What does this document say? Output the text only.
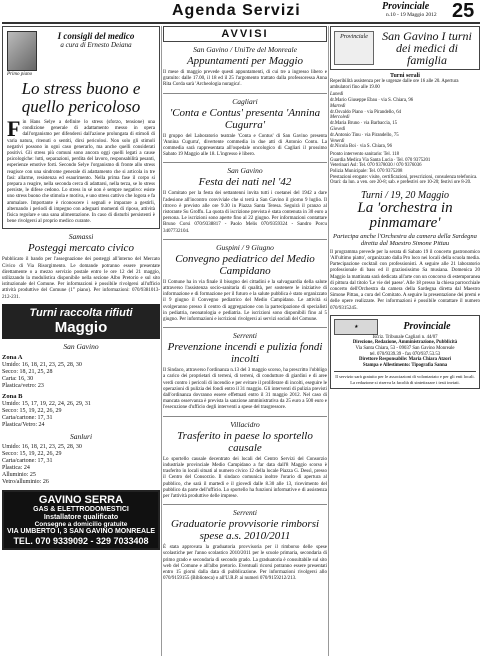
Agenda Servizi	Provinciale
n.10 - 19 Maggio 2012 25
I consigli del medico
a cura di Ernesto Deiana
Primo piano
Lo stress buono e quello pericoloso
F in Hans Selye a definire lo stress (sforzo, tensione) una condizione generale di adattamento messo in opera dall'organismo per difendersi dall'azione prolungata di stimoli di varia natura, ritenuti o sentiti, dirsi pericolosi. Non solo gli stimoli negativi possono in ogni caso generarlo, ma anche quelli considerati positivi. Gli stress più comuni sono ancora oggi quelli legati a cause psicologiche: lutti, separazioni, perdita del lavoro, responsabilità pesanti, esperienze emotive forti. Secondo Selye l'organismo di fronte allo stress reagisce con una sindrome generale di adattamento che si articola in tre fasi: allarme, resistenza ed esaurimento. Nella prima fase il corpo si prepara a reagire, nella seconda cerca di adattarsi, nella terza, se lo stress persiste, le difese cedono. Lo stress in sé non è sempre negativo: esiste uno stress buono che stimola e motiva, e uno stress cattivo che logora e fa ammalare. Importante è riconoscere i segnali e imparare a gestirli, alternando i periodi di impegno con adeguati momenti di riposo, attività fisica regolare e una sana alimentazione. In caso di disturbi persistenti è bene rivolgersi al proprio medico curante.
Samassi
Posteggi mercato civico
Pubblicato il bando per l'assegnazione dei posteggi all'interno del Mercato Civico di Via Risorgimento. Le domande potranno essere presentate direttamente o a mezzo servizio postale entro le ore 12 del 21 maggio, utilizzando la modulistica disponibile nella sezione Albo Pretorio e sul sito istituzionale del Comune. Per informazioni è possibile rivolgersi all'ufficio attività produttive del Comune (1° piano). Per informazioni: 070/9381013-212-231.
Turni raccolta rifiuti
Maggio
San Gavino
Zona A
Umido: 16, 18, 21, 23, 25, 28, 30
Secco: 18, 21, 25, 28
Carta: 16, 30
Plastica/vetro: 23
Zona B
Umido: 15, 17, 19, 22, 24, 26, 29, 31
Secco: 15, 19, 22, 26, 29
Carta/cartone: 17, 31
Plastica/Vetro: 24
Sanluri
Umido: 16, 18, 21, 23, 25, 28, 30
Secco: 15, 19, 22, 26, 29
Carta/cartone: 17, 31
Plastica: 24
Alluminio: 25
Vetro/alluminio: 26
GAVINO SERRA
GAS & ELETTRODOMESTICI
Installatore qualificato
Consegne a domicilio gratuite
VIA UMBERTO I, 3 SAN GAVINO MONREALE
TEL. 070 9339092 - 329 7033408
AVVISI
San Gavino / UniTre del Monreale
Appuntamenti per Maggio
Il mese di maggio prevede questi appuntamenti, di cui tre a ingresso libero e gratuito: dalle 17.00, il 18 ed il 25 l'argomento trattato dalla professoressa Anna Rita Corda sarà 'Archeologia nuragica'.
Cagliari
'Conta e Contus' presenta 'Annina Cugurra'
Il gruppo del Laboratorio teatrale 'Conta e Contus' di San Gavino presenta 'Annina Cugurra', divertente commedia in due atti di Antonio Contu. La commedia sarà rappresentata all'ospedale oncologico di Cagliari il prossimo Sabato 19 Maggio alle 18. L'ingresso è libero.
San Gavino
Festa dei nati nel '42
Il Comitato per la festa dei settantenni invita tutti i coetanei del 1942 a dare l'adesione all'incontro conviviale che si terrà a San Gavino il giorno 9 luglio. Il ritrovo è previsto alle ore 9.30 in Piazza Santa Teresa. Seguirà il pranzo al ristorante Su Groffu. La quota di iscrizione prevista è stata contenuta in 30 euro a persona. Le iscrizioni sono aperte fino al 22 giugno. Per informazioni contattare Bruno Corsi 070/9338817 - Paolo Melis 070/9359324 - Sandro Porcu 3407732104.
Guspini / 9 Giugno
Convegno pediatrico del Medio Campidano
Il Comune ha in via finale il bisogno dei cittadini e la salvaguardia della salute attraverso l'assistenza socio-sanitaria di qualità, per sostenere le iniziative di informazione e di formazione per il futuro e la salute pubblica è stato organizzato il 9 giugno il Convegno pediatrico del Medio Campidano. Le attività si svolgeranno presso il centro di aggregazione con la partecipazione di specialisti in pediatria, neonatologia e pediatria. Le iscrizioni sono disponibili fino al 5 giugno. Per informazioni e iscrizioni rivolgersi ai servizi sociali del Comune.
Serrenti
Prevenzione incendi e pulizia fondi incolti
Il Sindaco, attraverso l'ordinanza n.13 del 3 maggio scorso, ha prescritto l'obbligo a carico dei proprietari di terreni, di terreni, di condutture di giardini e di aree verdi contro i pericoli di incendio e per evitare il proliferare di incolti, eseguire le operazioni di pulizia dei fondi entro il 31 maggio. Gli interventi di pulizia previsti dall'ordinanza dovranno essere effettuati entro il 31 maggio 2012. Nel caso di mancata osservanza è prevista la sanzione amministrativa da 25 euro a 500 euro e l'esecuzione d'ufficio degli interventi a spese del trasgressore.
Villacidro
Trasferito in paese lo sportello causale
Lo sportello causale decentrato dei locali del Centro Servizi del Consorzio industriale provinciale Medio Campidano a far data dall'8 Maggio scorso è trasferito in locali situati al numero civico 12 della locale Piazza G. Dessì, presso il Centro del Consorzio. Il sindaco comunica inoltre l'orario di apertura al pubblico, che sarà il martedì e il giovedì dalle 8.30 alle 13, ricevimento del pubblico da parte dell'ufficio. Lo sportello ha funzioni informative e di assistenza per l'attività produttive delle imprese.
Serrenti
Graduatorie provvisorie rimborsi spese a.s. 2010/2011
È stata approvata la graduatoria provvisoria per il rimborso delle spese scolastiche per l'anno scolastico 2010/2011 per le scuole primaria, secondaria di primo grado e secondaria di secondo grado. La graduatoria è consultabile sul sito web del Comune e all'albo pretorio. Eventuali ricorsi potranno essere presentati entro 15 giorni dalla data di pubblicazione. Per informazioni rivolgersi allo 070/9159155 (Biblioteca) o all'U.R.P. ai numeri 070/9159212/213.
Provinciale	San Gavino I turni dei medici di famiglia
Turni serali
Reperibilità assistenza per le urgenze dalle ore 16 alle 20. Apertura ambulatori fino alle 19.00
Lunedì
dr.Mario Giuseppe Ebau · via S. Chiara, 96
Martedì
dr.Osvaldo Piano · via Pirandello, 64
Mercoledì
dr.Maria Bruno · via Barbaccia, 15
Giovedì
dr.Antonio Tinu · via Pirandello, 75
Venerdì
dr.Nicola Boi · via S. Chiara, 96
Pronto intervento sanitario: Tel. 118
Guardia Medica Via Santa Lucia · Tel. 070 9375201
Veterinari Asl: Tel. 070 9378030 / 070 9376036
Polizia Municipale: Tel. 070 9375208
Prestazioni erogate: visite, certificazioni, prescrizioni, consulenza telefonica. Orari: da lun. a ven. ore 20-8; sab. e prefestivi ore 10-20; festivi ore 8-20.
Turni / 19, 20 Maggio
La 'orchestra in pinmamare'
Partecipa anche l'Orchestra da camera della Sardegna diretta dal Maestro Simone Pittau
Il programma prevede per la serata di Sabato 19 il concerto gastronomico 'All'ultimo piatto', organizzato dalla Pro loco nei locali della scuola media. Partecipazione cocktail con professionisti. A seguire alle 21 laboratorio professionale di bass ed il graziosissimo Sa musiana. Domenica 20 Maggio la mattinata sarà dedicata all'arte con un concorso di estemporanea di pittura dal titolo 'Le vie del paese'. Alle 18 presso la chiesa parrocchiale concerto dell'Orchestra da camera della Sardegna diretta dal Maestro Simone Pittau, a cura del Comitato. A seguire la presentazione dei premi e delle opere realizzate. Per informazioni è possibile contattare il numero 070/9315245.
★	Provinciale
Iscriz. Tribunale Cagliari n. 44/07
Direzione, Redazione, Amministrazione, Pubblicità
Via Santa Chiara, 53 - 09037 San Gavino Monreale
tel. 070/9339.39 - fax 070/937.53.53
Direttore Responsabile: Maria Chiara Atzori
Stampa e Allestimento: Tipografia Sanna
Il servizio sarà gratuito per le associazioni di volontariato e per gli enti locali. La redazione si riserva la facoltà di sintetizzare i testi inviati.
